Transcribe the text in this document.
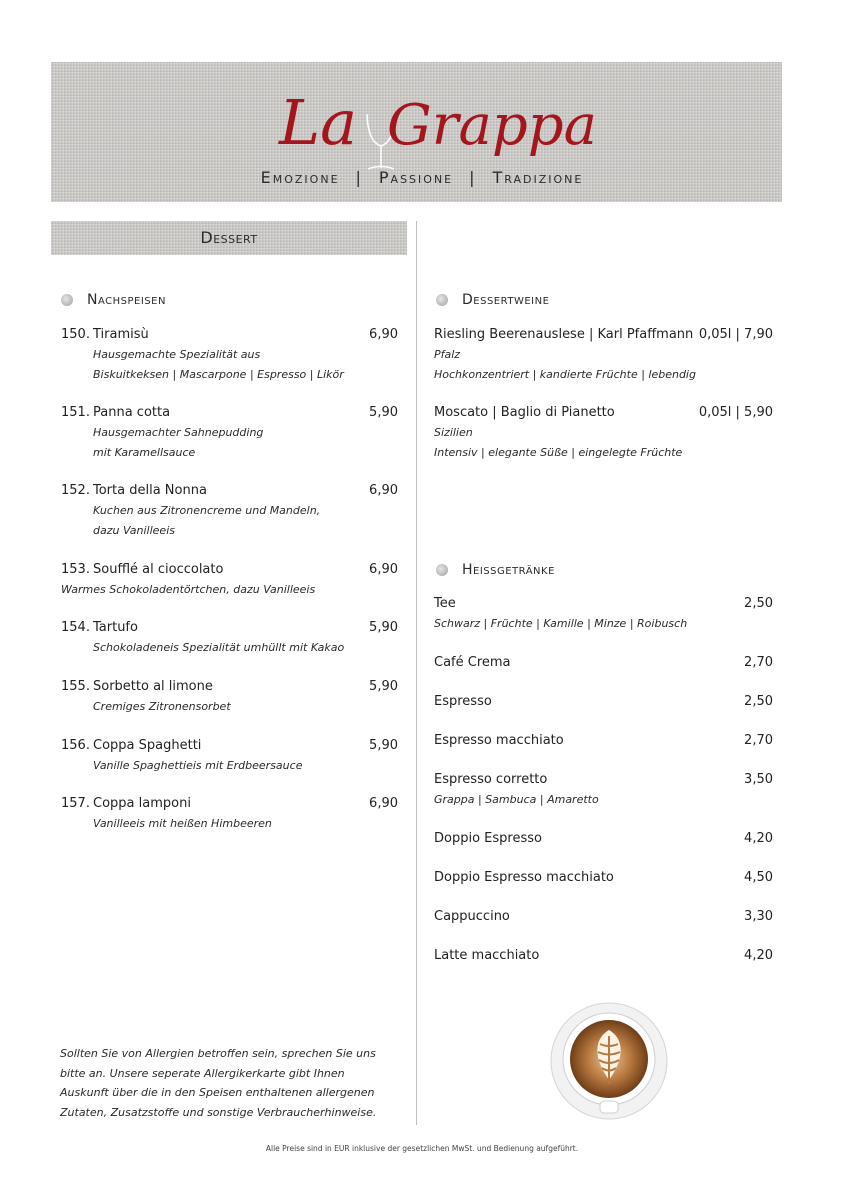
La Grappa
Emozione | Passione | Tradizione
Dessert
Nachspeisen
150. Tiramisù	6,90
Hausgemachte Spezialität aus
Biskuitkeksen | Mascarpone | Espresso | Likör
151. Panna cotta	5,90
Hausgemachter Sahnepudding
mit Karamellsauce
152. Torta della Nonna	6,90
Kuchen aus Zitronencreme und Mandeln,
dazu Vanilleeis
153. Soufflé al cioccolato	6,90
Warmes Schokoladentörtchen, dazu Vanilleeis
154. Tartufo	5,90
Schokoladeneis Spezialität umhüllt mit Kakao
155. Sorbetto al limone	5,90
Cremiges Zitronensorbet
156. Coppa Spaghetti	5,90
Vanille Spaghettieis mit Erdbeersauce
157. Coppa lamponi	6,90
Vanilleeis mit heißen Himbeeren
Dessertweine
Riesling Beerenauslese | Karl Pfaffmann 0,05l | 7,90
Pfalz
Hochkonzentriert | kandierte Früchte | lebendig
Moscato | Baglio di Pianetto	0,05l | 5,90
Sizilien
Intensiv | elegante Süße | eingelegte Früchte
Heissgetränke
Tee	2,50
Schwarz | Früchte | Kamille | Minze | Roibusch
Café Crema	2,70
Espresso	2,50
Espresso macchiato	2,70
Espresso corretto	3,50
Grappa | Sambuca | Amaretto
Doppio Espresso	4,20
Doppio Espresso macchiato	4,50
Cappuccino	3,30
Latte macchiato	4,20
Sollten Sie von Allergien betroffen sein, sprechen Sie uns
bitte an. Unsere seperate Allergikerkarte gibt Ihnen
Auskunft über die in den Speisen enthaltenen allergenen
Zutaten, Zusatzstoffe und sonstige Verbraucherhinweise.
Alle Preise sind in EUR inklusive der gesetzlichen MwSt. und Bedienung aufgeführt.
